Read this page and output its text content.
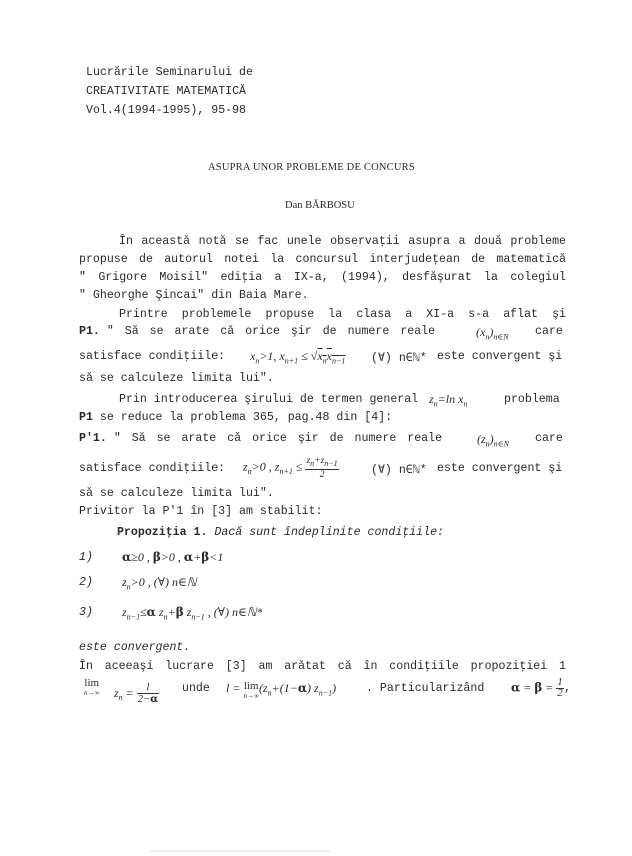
Lucrările Seminarului de
CREATIVITATE MATEMATICĂ
Vol.4(1994-1995), 95-98
ASUPRA UNOR PROBLEME DE CONCURS
Dan BĂRBOSU
În această notă se fac unele observaţii asupra a două probleme
propuse de autorul notei la concursul interjudeţean de matematică
" Grigore Moisil" ediţia a IX-a, (1994), desfăşurat la colegiul
" Gheorghe Şincai" din Baia Mare.
Printre problemele propuse la clasa a XI-a s-a aflat şi
P1. " Să se arate că orice şir de numere reale	$(x_n)_{n\in N}$ care
satisface condiţiile: $x_n>1$, $x_{n+1} \le √x_nx_{n-1}$ (∀) n∈ℕ* este convergent şi
să se calculeze limita lui".
Prin introducerea şirului de termen general $z_n=\ln$ $x_n$	problema
P1 se reduce la problema 365, pag.48 din [4]:
P'1. " Să se arate că orice şir de numere reale	$(z_n)_{n\in N}$ care
satisface condiţiile: $z_n>0$ , $z_{n+1} \le \frac{z_n+z_{n-1}}{2}$	(∀) n∈ℕ* este convergent şi
să se calculeze limita lui".
Privitor la P'1 în [3] am stabilit:
Propoziţia 1. Dacă sunt îndeplinite condiţiile:
1) α≥0 , β>0 , α+β<1
2) $z_n>0$ , (∀) n∈ℕ
3) $z_{n-1}\le\alpha$ $z_n+\beta$ $z_{n-1}$ , (∀) n∈ℕ*
este convergent.
În aceeaşi lucrare [3] am arătat că în condiţiile propoziţiei 1
lim
n→∞ $z_n = \frac{l}{2-\alpha}$ unde l = lim
n→∞
($z_n+(1-\alpha)$ $z_{n-1}$)	. Particularizând $\alpha = \beta = \frac{1}{2}$ ,
